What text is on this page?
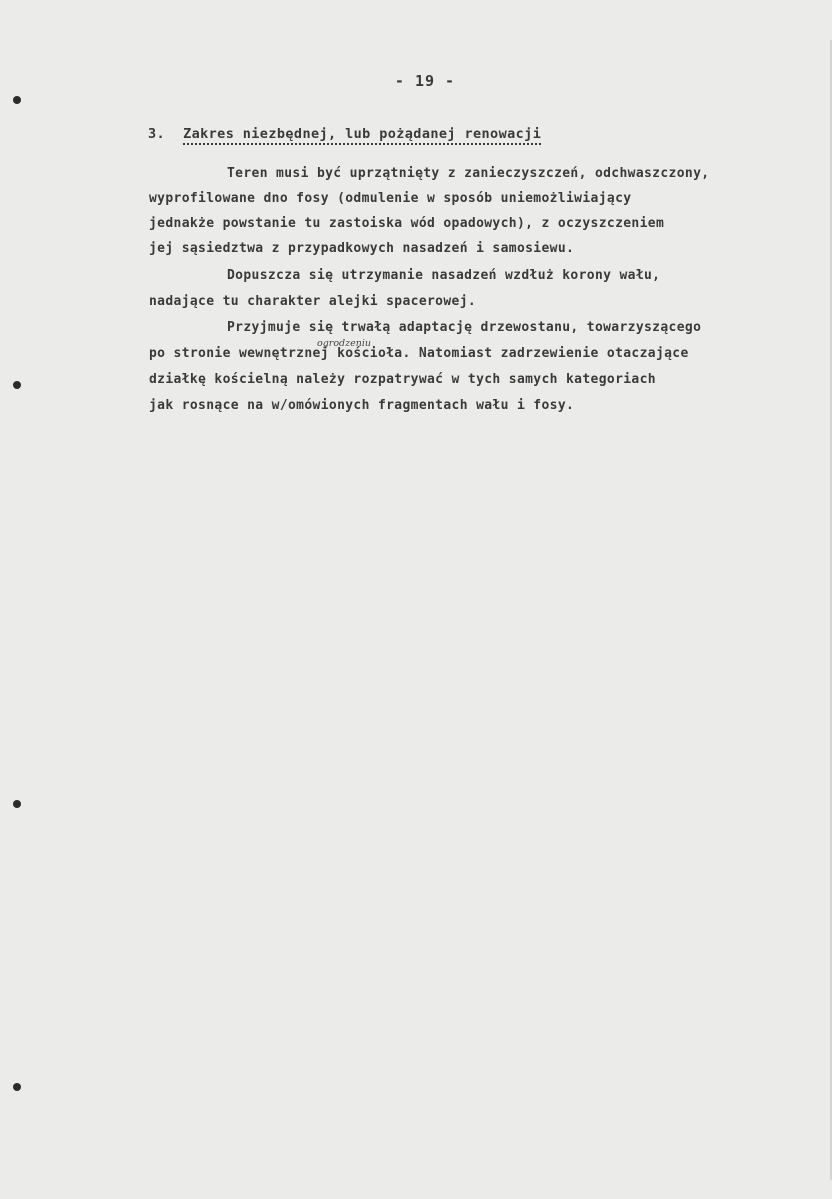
- 19 -
3. Zakres niezbędnej, lub pożądanej renowacji
Teren musi być uprzątnięty z zanieczyszczeń, odchwaszczony,
wyprofilowane dno fosy (odmulenie w sposób uniemożliwiający
jednakże powstanie tu zastoiska wód opadowych), z oczyszczeniem
jej sąsiedztwa z przypadkowych nasadzeń i samosiewu.
Dopuszcza się utrzymanie nasadzeń wzdłuż korony wału,
nadające tu charakter alejki spacerowej.
Przyjmuje się trwałą adaptację drzewostanu, towarzyszącego
ogrodzeniu
po stronie wewnętrznej kościoła. Natomiast zadrzewienie otaczające
działkę kościelną należy rozpatrywać w tych samych kategoriach
jak rosnące na w/omówionych fragmentach wału i fosy.
